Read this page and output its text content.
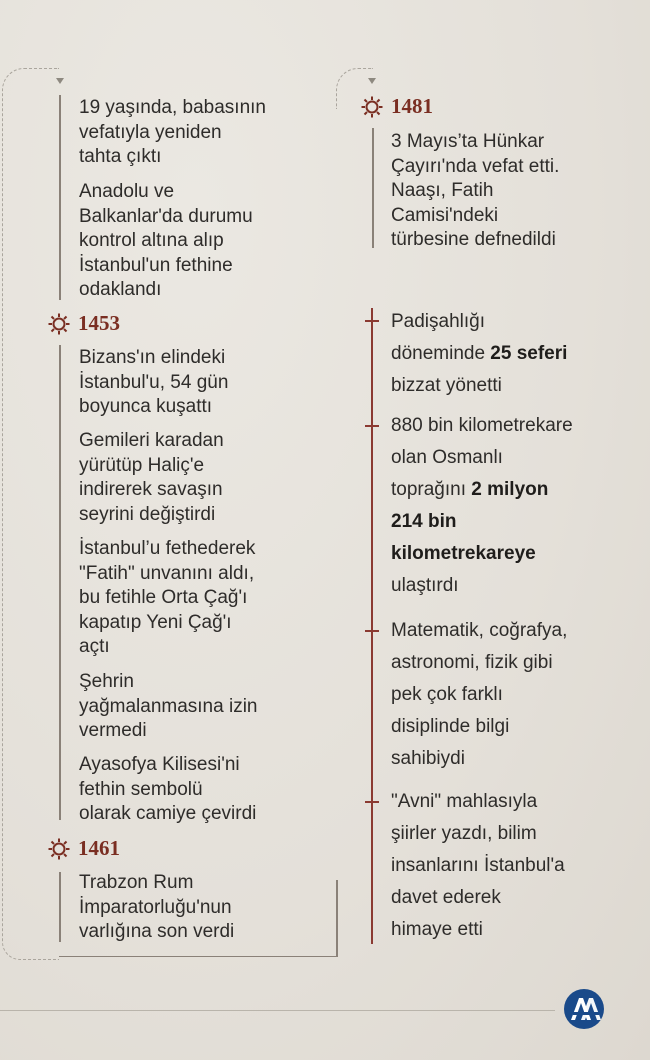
19 yaşında, babasının
vefatıyla yeniden
tahta çıktı
Anadolu ve
Balkanlar'da durumu
kontrol altına alıp
İstanbul'un fethine
odaklandı
1453
Bizans'ın elindeki
İstanbul'u, 54 gün
boyunca kuşattı
Gemileri karadan
yürütüp Haliç'e
indirerek savaşın
seyrini değiştirdi
İstanbul’u fethederek
"Fatih" unvanını aldı,
bu fetihle Orta Çağ'ı
kapatıp Yeni Çağ'ı
açtı
Şehrin
yağmalanmasına izin
vermedi
Ayasofya Kilisesi'ni
fethin sembolü
olarak camiye çevirdi
1461
Trabzon Rum
İmparatorluğu'nun
varlığına son verdi
1481
3 Mayıs’ta Hünkar
Çayırı'nda vefat etti.
Naaşı, Fatih
Camisi'ndeki
türbesine defnedildi
Padişahlığı
döneminde 25 seferi
bizzat yönetti
880 bin kilometrekare
olan Osmanlı
toprağını 2 milyon
214 bin
kilometrekareye
ulaştırdı
Matematik, coğrafya,
astronomi, fizik gibi
pek çok farklı
disiplinde bilgi
sahibiydi
"Avni" mahlasıyla
şiirler yazdı, bilim
insanlarını İstanbul'a
davet ederek
himaye etti
